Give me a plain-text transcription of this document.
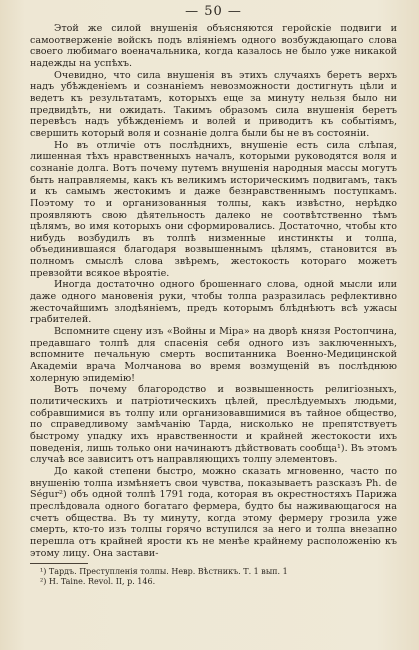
— 50 —

Этой же силой внушенія объясняются геройскіе подвиги и самоотверженіе войскъ подъ вліяніемъ одного возбуждающаго слова своего любимаго военачальника, когда казалось не было уже никакой надежды на успѣхъ.

Очевидно, что сила внушенія въ этихъ случаяхъ беретъ верхъ надъ убѣжденіемъ и сознаніемъ невозможности достигнуть цѣли и ведетъ къ результатамъ, которыхъ еще за минуту нельзя было ни предвидѣть, ни ожидать. Такимъ образомъ сила внушенія беретъ перевѣсъ надъ убѣжденіемъ и волей и приводитъ къ событіямъ, свершить который воля и сознаніе долга были бы не въ состояніи.

Но въ отличіе отъ послѣднихъ, внушеніе есть сила слѣпая, лишенная тѣхъ нравственныхъ началъ, которыми руководятся воля и сознаніе долга. Вотъ почему путемъ внушенія народныя массы могутъ быть направляемы, какъ къ великимъ историческимъ подвигамъ, такъ и къ самымъ жестокимъ и даже безнравственнымъ поступкамъ. Поэтому то и организованныя толпы, какъ извѣстно, нерѣдко проявляютъ свою дѣятельность далеко не соотвѣтственно тѣмъ цѣлямъ, во имя которыхъ они сформировались. Достаточно, чтобы кто нибудь возбудилъ въ толпѣ низменные инстинкты и толпа, объединившаяся благодаря возвышеннымъ цѣлямъ, становится въ полномъ смыслѣ слова звѣремъ, жестокость котораго можетъ превзойти всякое вѣроятіе.

Иногда достаточно одного брошеннаго слова, одной мысли или даже одного мановенія руки, чтобы толпа разразилась рефлективно жесточайшимъ злодѣяніемъ, предъ которымъ блѣднѣютъ всѣ ужасы грабителей.

Вспомните сцену изъ «Войны и Міра» на дворѣ князя Ростопчина, предавшаго толпѣ для спасенія себя одного изъ заключенныхъ, вспомните печальную смерть воспитанника Военно-Медицинской Академіи врача Молчанова во время возмущеній въ послѣднюю холерную эпидемію!

Вотъ почему благородство и возвышенность религіозныхъ, политическихъ и патріотическихъ цѣлей, преслѣдуемыхъ людьми, собравшимися въ толпу или организовавшимися въ тайное общество, по справедливому замѣчанію Тарда, нисколько не препятствуетъ быстрому упадку ихъ нравственности и крайней жестокости ихъ поведенія, лишь только они начинаютъ дѣйствовать сообща¹). Въ этомъ случаѣ все зависитъ отъ направляющихъ толпу элементовъ.

До какой степени быстро, можно сказать мгновенно, часто по внушенію толпа измѣняетъ свои чувства, показываетъ разсказъ Ph. de Ségur²) объ одной толпѣ 1791 года, которая въ окрестностяхъ Парижа преслѣдовала одного богатаго фермера, будто бы наживающагося на счетъ общества. Въ ту минуту, когда этому фермеру грозила уже смерть, кто-то изъ толпы горячо вступился за него и толпа внезапно перешла отъ крайней ярости къ не менѣе крайнему расположенію къ этому лицу. Она застави-

¹) Тардъ. Преступленія толпы. Невр. Вѣстникъ. Т. 1 вып. 1

²) Н. Taine. Revol. II, p. 146.
